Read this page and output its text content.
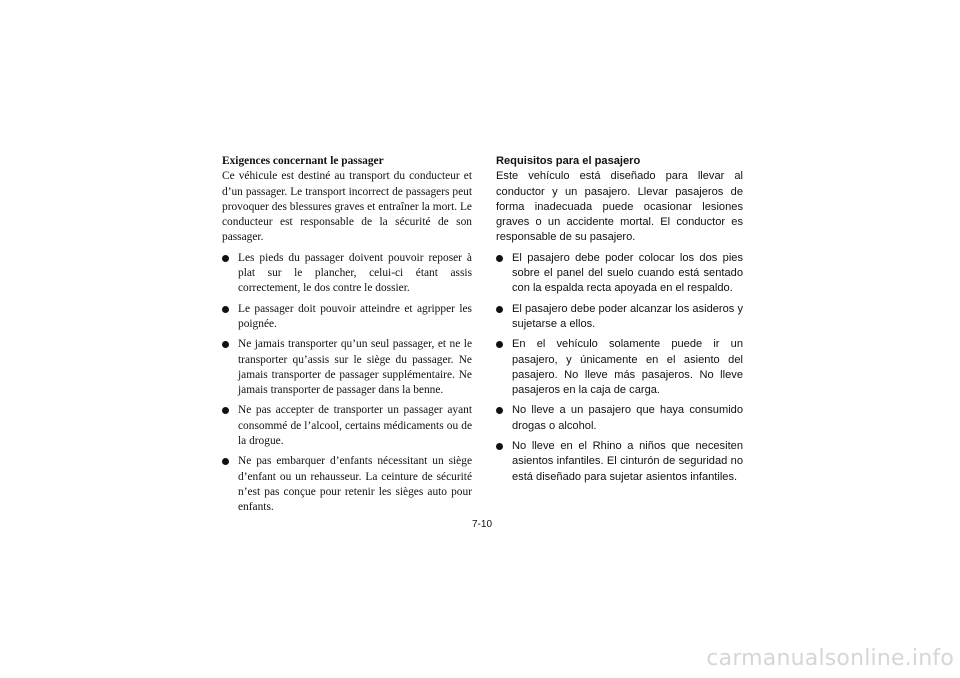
Exigences concernant le passager

Ce véhicule est destiné au transport du conducteur et d’un passager. Le transport incorrect de passagers peut provoquer des blessures graves et entraîner la mort. Le conducteur est responsable de la sécurité de son passager.

Les pieds du passager doivent pouvoir reposer à plat sur le plancher, celui-ci étant assis correctement, le dos contre le dossier.
Le passager doit pouvoir atteindre et agripper les poignée.
Ne jamais transporter qu’un seul passager, et ne le transporter qu’assis sur le siège du passager. Ne jamais transporter de passager supplémentaire. Ne jamais transporter de passager dans la benne.
Ne pas accepter de transporter un passager ayant consommé de l’alcool, certains médicaments ou de la drogue.
Ne pas embarquer d’enfants nécessitant un siège d’enfant ou un rehausseur. La ceinture de sécurité n’est pas conçue pour retenir les sièges auto pour enfants.

Requisitos para el pasajero

Este vehículo está diseñado para llevar al conductor y un pasajero. Llevar pasajeros de forma inadecuada puede ocasionar lesiones graves o un accidente mortal. El conductor es responsable de su pasajero.

El pasajero debe poder colocar los dos pies sobre el panel del suelo cuando está sentado con la espalda recta apoyada en el respaldo.
El pasajero debe poder alcanzar los asideros y sujetarse a ellos.
En el vehículo solamente puede ir un pasajero, y únicamente en el asiento del pasajero. No lleve más pasajeros. No lleve pasajeros en la caja de carga.
No lleve a un pasajero que haya consumido drogas o alcohol.
No lleve en el Rhino a niños que necesiten asientos infantiles. El cinturón de seguridad no está diseñado para sujetar asientos infantiles.
7-10
carmanualsonline.info
